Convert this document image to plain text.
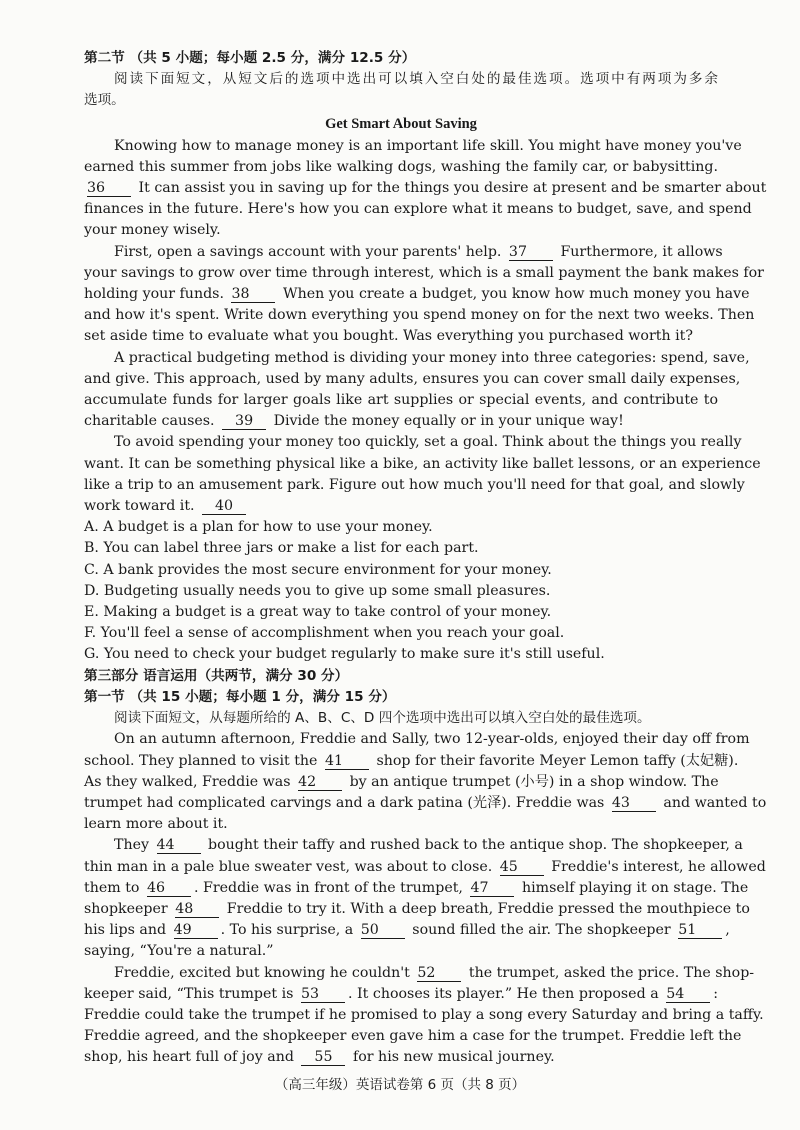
第二节 （共 5 小题；每小题 2.5 分，满分 12.5 分）
阅读下面短文，从短文后的选项中选出可以填入空白处的最佳选项。选项中有两项为多余
选项。
Get Smart About Saving
Knowing how to manage money is an important life skill. You might have money you've
earned this summer from jobs like walking dogs, washing the family car, or babysitting.
36 It can assist you in saving up for the things you desire at present and be smarter about
finances in the future. Here's how you can explore what it means to budget, save, and spend
your money wisely.
First, open a savings account with your parents' help. 37 Furthermore, it allows
your savings to grow over time through interest, which is a small payment the bank makes for
holding your funds. 38 When you create a budget, you know how much money you have
and how it's spent. Write down everything you spend money on for the next two weeks. Then
set aside time to evaluate what you bought. Was everything you purchased worth it?
A practical budgeting method is dividing your money into three categories: spend, save,
and give. This approach, used by many adults, ensures you can cover small daily expenses,
accumulate funds for larger goals like art supplies or special events, and contribute to
charitable causes. 39 Divide the money equally or in your unique way!
To avoid spending your money too quickly, set a goal. Think about the things you really
want. It can be something physical like a bike, an activity like ballet lessons, or an experience
like a trip to an amusement park. Figure out how much you'll need for that goal, and slowly
work toward it. 40
A. A budget is a plan for how to use your money.
B. You can label three jars or make a list for each part.
C. A bank provides the most secure environment for your money.
D. Budgeting usually needs you to give up some small pleasures.
E. Making a budget is a great way to take control of your money.
F. You'll feel a sense of accomplishment when you reach your goal.
G. You need to check your budget regularly to make sure it's still useful.
第三部分 语言运用（共两节，满分 30 分）
第一节 （共 15 小题；每小题 1 分，满分 15 分）
阅读下面短文，从每题所给的 A、B、C、D 四个选项中选出可以填入空白处的最佳选项。
On an autumn afternoon, Freddie and Sally, two 12-year-olds, enjoyed their day off from
school. They planned to visit the 41 shop for their favorite Meyer Lemon taffy (太妃糖).
As they walked, Freddie was 42 by an antique trumpet (小号) in a shop window. The
trumpet had complicated carvings and a dark patina (光泽). Freddie was 43 and wanted to
learn more about it.
They 44 bought their taffy and rushed back to the antique shop. The shopkeeper, a
thin man in a pale blue sweater vest, was about to close. 45 Freddie's interest, he allowed
them to 46 . Freddie was in front of the trumpet, 47 himself playing it on stage. The
shopkeeper 48 Freddie to try it. With a deep breath, Freddie pressed the mouthpiece to
his lips and 49 . To his surprise, a 50 sound filled the air. The shopkeeper 51 ,
saying, “You're a natural.”
Freddie, excited but knowing he couldn't 52 the trumpet, asked the price. The shop-
keeper said, “This trumpet is 53 . It chooses its player.” He then proposed a 54 :
Freddie could take the trumpet if he promised to play a song every Saturday and bring a taffy.
Freddie agreed, and the shopkeeper even gave him a case for the trumpet. Freddie left the
shop, his heart full of joy and 55 for his new musical journey.
（高三年级）英语试卷第 6 页（共 8 页）
